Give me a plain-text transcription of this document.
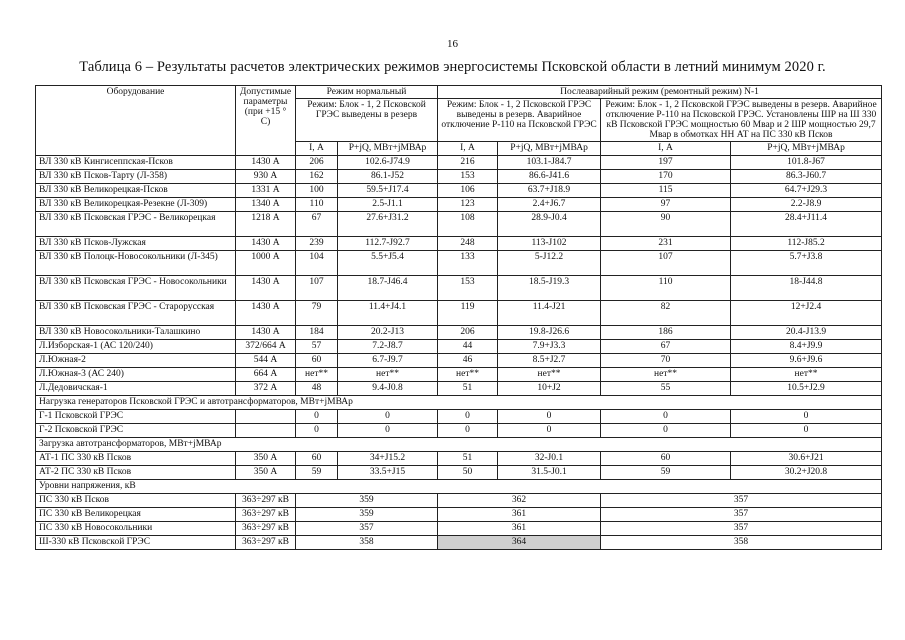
16
Таблица 6 – Результаты расчетов электрических режимов энергосистемы Псковской области в летний минимум 2020 г.
Оборудование	Допустимые параметры (при +15 ° С)	Режим нормальный		Послеаварийный режим (ремонтный режим) N-1			
		Режим: Блок - 1, 2 Псковской ГРЭС выведены в резерв		Режим: Блок - 1, 2 Псковской ГРЭС выведены в резерв. Аварийное отключение Р-110 на Псковской ГРЭС		Режим: Блок - 1, 2 Псковской ГРЭС выведены в резерв. Аварийное отключение Р-110 на Псковской ГРЭС. Установлены ШР на Ш 330 кВ Псковской ГРЭС мощностью 60 Мвар и 2 ШР мощностью 29,7 Мвар в обмотках НН АТ на ПС 330 кВ Псков	
		I, А	P+jQ, МВт+jМВАр	I, А	P+jQ, МВт+jМВАр	I, А	P+jQ, МВт+jМВАр
ВЛ 330 кВ Кингисеппская-Псков	1430 А	206	102.6-J74.9	216	103.1-J84.7	197	101.8-J67
ВЛ 330 кВ Псков-Тарту (Л-358)	930 А	162	86.1-J52	153	86.6-J41.6	170	86.3-J60.7
ВЛ 330 кВ Великорецкая-Псков	1331 А	100	59.5+J17.4	106	63.7+J18.9	115	64.7+J29.3
ВЛ 330 кВ Великорецкая-Резекне (Л-309)	1340 А	110	2.5-J1.1	123	2.4+J6.7	97	2.2-J8.9
ВЛ 330 кВ Псковская ГРЭС - Великорецкая	1218 А	67	27.6+J31.2	108	28.9-J0.4	90	28.4+J11.4
ВЛ 330 кВ Псков-Лужская	1430 А	239	112.7-J92.7	248	113-J102	231	112-J85.2
ВЛ 330 кВ Полоцк-Новосокольники (Л-345)	1000 А	104	5.5+J5.4	133	5-J12.2	107	5.7+J3.8
ВЛ 330 кВ Псковская ГРЭС - Новосокольники	1430 А	107	18.7-J46.4	153	18.5-J19.3	110	18-J44.8
ВЛ 330 кВ Псковская ГРЭС - Старорусская	1430 А	79	11.4+J4.1	119	11.4-J21	82	12+J2.4
ВЛ 330 кВ Новосокольники-Талашкино	1430 А	184	20.2-J13	206	19.8-J26.6	186	20.4-J13.9
Л.Изборская-1 (АС 120/240)	372/664 А	57	7.2-J8.7	44	7.9+J3.3	67	8.4+J9.9
Л.Южная-2	544 А	60	6.7-J9.7	46	8.5+J2.7	70	9.6+J9.6
Л.Южная-3 (АС 240)	664 А	нет**	нет**	нет**	нет**	нет**	нет**
Л.Дедовичская-1	372 А	48	9.4-J0.8	51	10+J2	55	10.5+J2.9
Нагрузка генераторов Псковской ГРЭС и автотрансформаторов, МВт+jМВАр							
Г-1 Псковской ГРЭС		0	0	0	0	0	0
Г-2 Псковской ГРЭС		0	0	0	0	0	0
Загрузка автотрансформаторов, МВт+jМВАр							
АТ-1 ПС 330 кВ Псков	350 А	60	34+J15.2	51	32-J0.1	60	30.6+J21
АТ-2 ПС 330 кВ Псков	350 А	59	33.5+J15	50	31.5-J0.1	59	30.2+J20.8
Уровни напряжения, кВ							
ПС 330 кВ Псков	363÷297 кВ	359		362		357	
ПС 330 кВ Великорецкая	363÷297 кВ	359		361		357	
ПС 330 кВ Новосокольники	363÷297 кВ	357		361		357	
Ш-330 кВ Псковской ГРЭС	363÷297 кВ	358		364		358	
